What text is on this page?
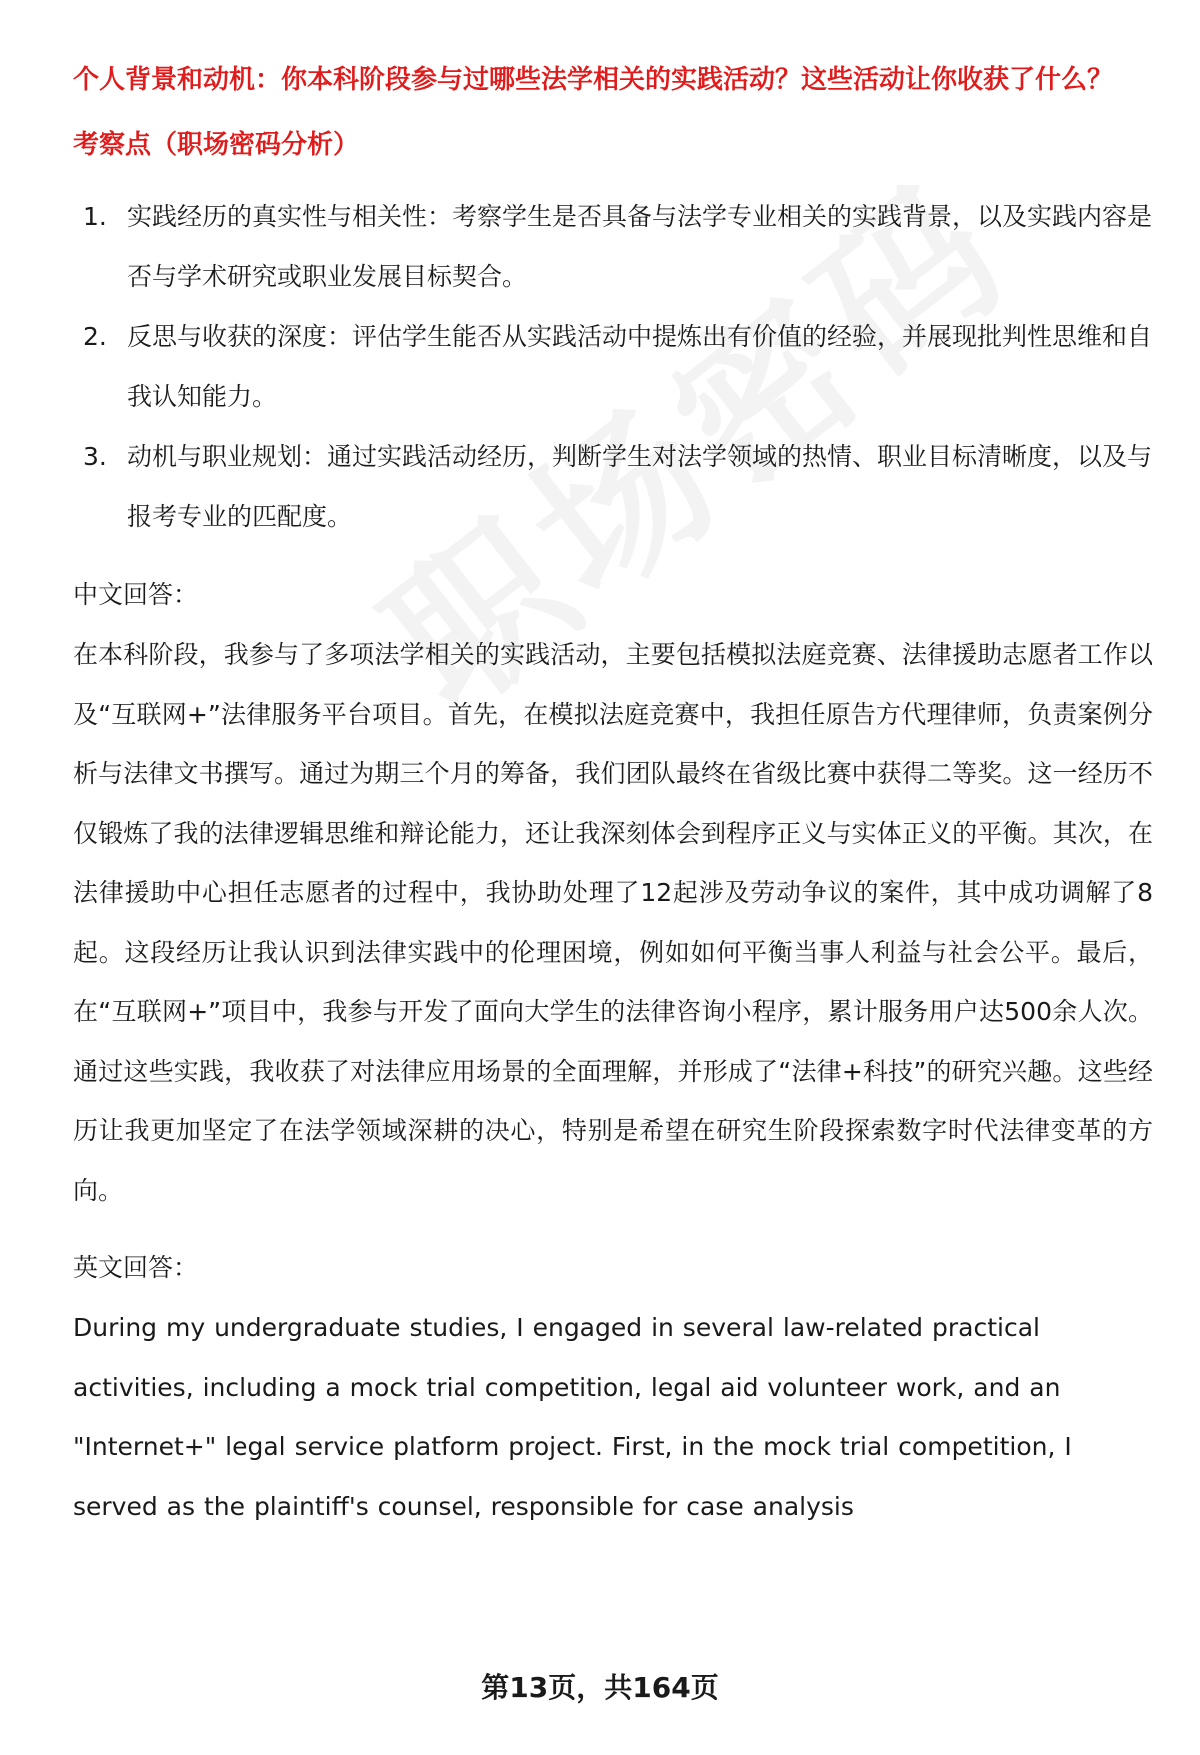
个人背景和动机：你本科阶段参与过哪些法学相关的实践活动？这些活动让你收获了什么？

考察点（职场密码分析）

1. 实践经历的真实性与相关性：考察学生是否具备与法学专业相关的实践背景，以及实践内容是否与学术研究或职业发展目标契合。
2. 反思与收获的深度：评估学生能否从实践活动中提炼出有价值的经验，并展现批判性思维和自我认知能力。
3. 动机与职业规划：通过实践活动经历，判断学生对法学领域的热情、职业目标清晰度，以及与报考专业的匹配度。

中文回答：

在本科阶段，我参与了多项法学相关的实践活动，主要包括模拟法庭竞赛、法律援助志愿者工作以及“互联网+”法律服务平台项目。首先，在模拟法庭竞赛中，我担任原告方代理律师，负责案例分析与法律文书撰写。通过为期三个月的筹备，我们团队最终在省级比赛中获得二等奖。这一经历不仅锻炼了我的法律逻辑思维和辩论能力，还让我深刻体会到程序正义与实体正义的平衡。其次，在法律援助中心担任志愿者的过程中，我协助处理了12起涉及劳动争议的案件，其中成功调解了8起。这段经历让我认识到法律实践中的伦理困境，例如如何平衡当事人利益与社会公平。最后，在“互联网+”项目中，我参与开发了面向大学生的法律咨询小程序，累计服务用户达500余人次。通过这些实践，我收获了对法律应用场景的全面理解，并形成了“法律+科技”的研究兴趣。这些经历让我更加坚定了在法学领域深耕的决心，特别是希望在研究生阶段探索数字时代法律变革的方向。

英文回答：

During my undergraduate studies, I engaged in several law-related practical activities, including a mock trial competition, legal aid volunteer work, and an "Internet+" legal service platform project. First, in the mock trial competition, I served as the plaintiff's counsel, responsible for case analysis

第13页，共164页
